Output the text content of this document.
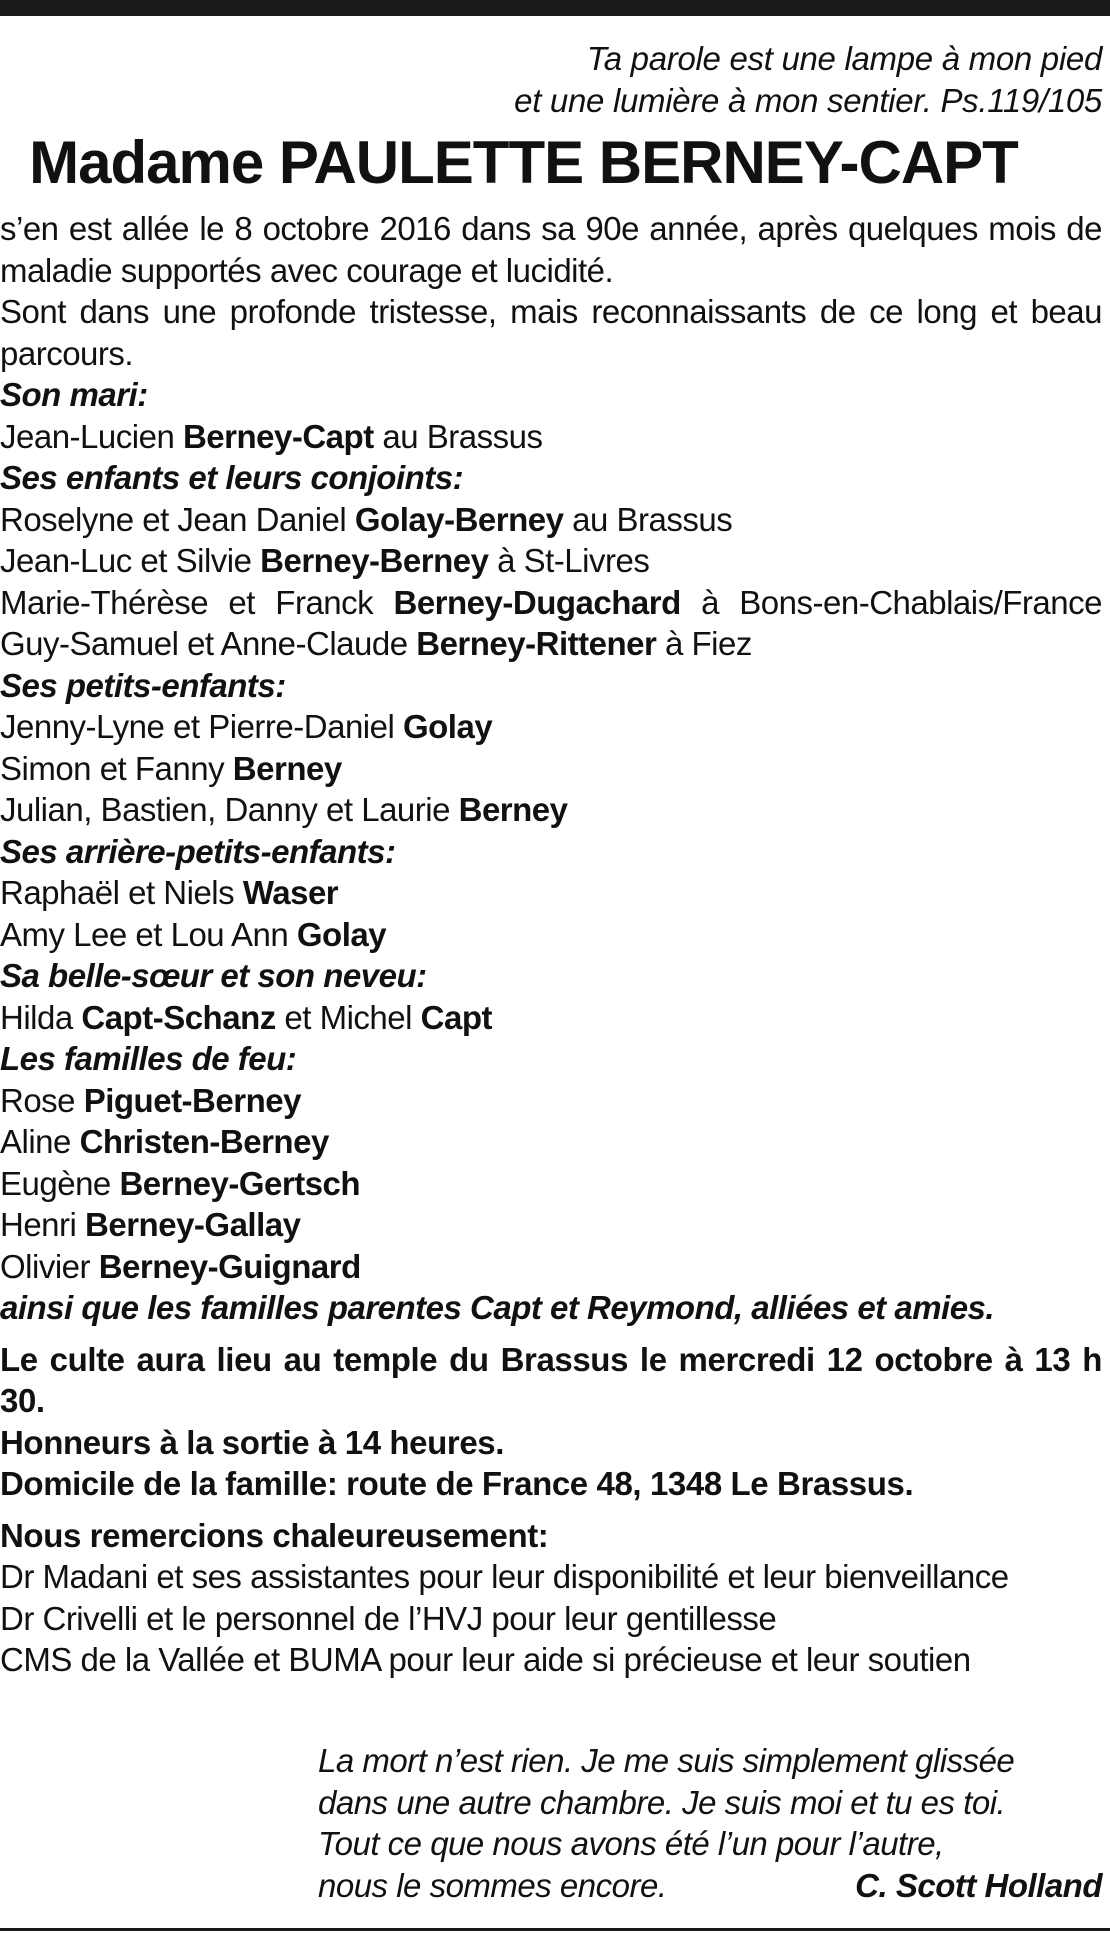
Ta parole est une lampe à mon pied
et une lumière à mon sentier. Ps.119/105
Madame PAULETTE BERNEY-CAPT
s’en est allée le 8 octobre 2016 dans sa 90e année, après quelques mois de maladie supportés avec courage et lucidité.
Sont dans une profonde tristesse, mais reconnaissants de ce long et beau parcours.
Son mari:
Jean-Lucien Berney-Capt au Brassus
Ses enfants et leurs conjoints:
Roselyne et Jean Daniel Golay-Berney au Brassus
Jean-Luc et Silvie Berney-Berney à St-Livres
Marie-Thérèse et Franck Berney-Dugachard à Bons-en-Chablais/France
Guy-Samuel et Anne-Claude Berney-Rittener à Fiez
Ses petits-enfants:
Jenny-Lyne et Pierre-Daniel Golay
Simon et Fanny Berney
Julian, Bastien, Danny et Laurie Berney
Ses arrière-petits-enfants:
Raphaël et Niels Waser
Amy Lee et Lou Ann Golay
Sa belle-sœur et son neveu:
Hilda Capt-Schanz et Michel Capt
Les familles de feu:
Rose Piguet-Berney
Aline Christen-Berney
Eugène Berney-Gertsch
Henri Berney-Gallay
Olivier Berney-Guignard
ainsi que les familles parentes Capt et Reymond, alliées et amies.
Le culte aura lieu au temple du Brassus le mercredi 12 octobre à 13 h 30.
Honneurs à la sortie à 14 heures.
Domicile de la famille: route de France 48, 1348 Le Brassus.
Nous remercions chaleureusement:
Dr Madani et ses assistantes pour leur disponibilité et leur bienveillance
Dr Crivelli et le personnel de l’HVJ pour leur gentillesse
CMS de la Vallée et BUMA pour leur aide si précieuse et leur soutien
La mort n’est rien. Je me suis simplement glissée
dans une autre chambre. Je suis moi et tu es toi.
Tout ce que nous avons été l’un pour l’autre,
nous le sommes encore.	C. Scott Holland
